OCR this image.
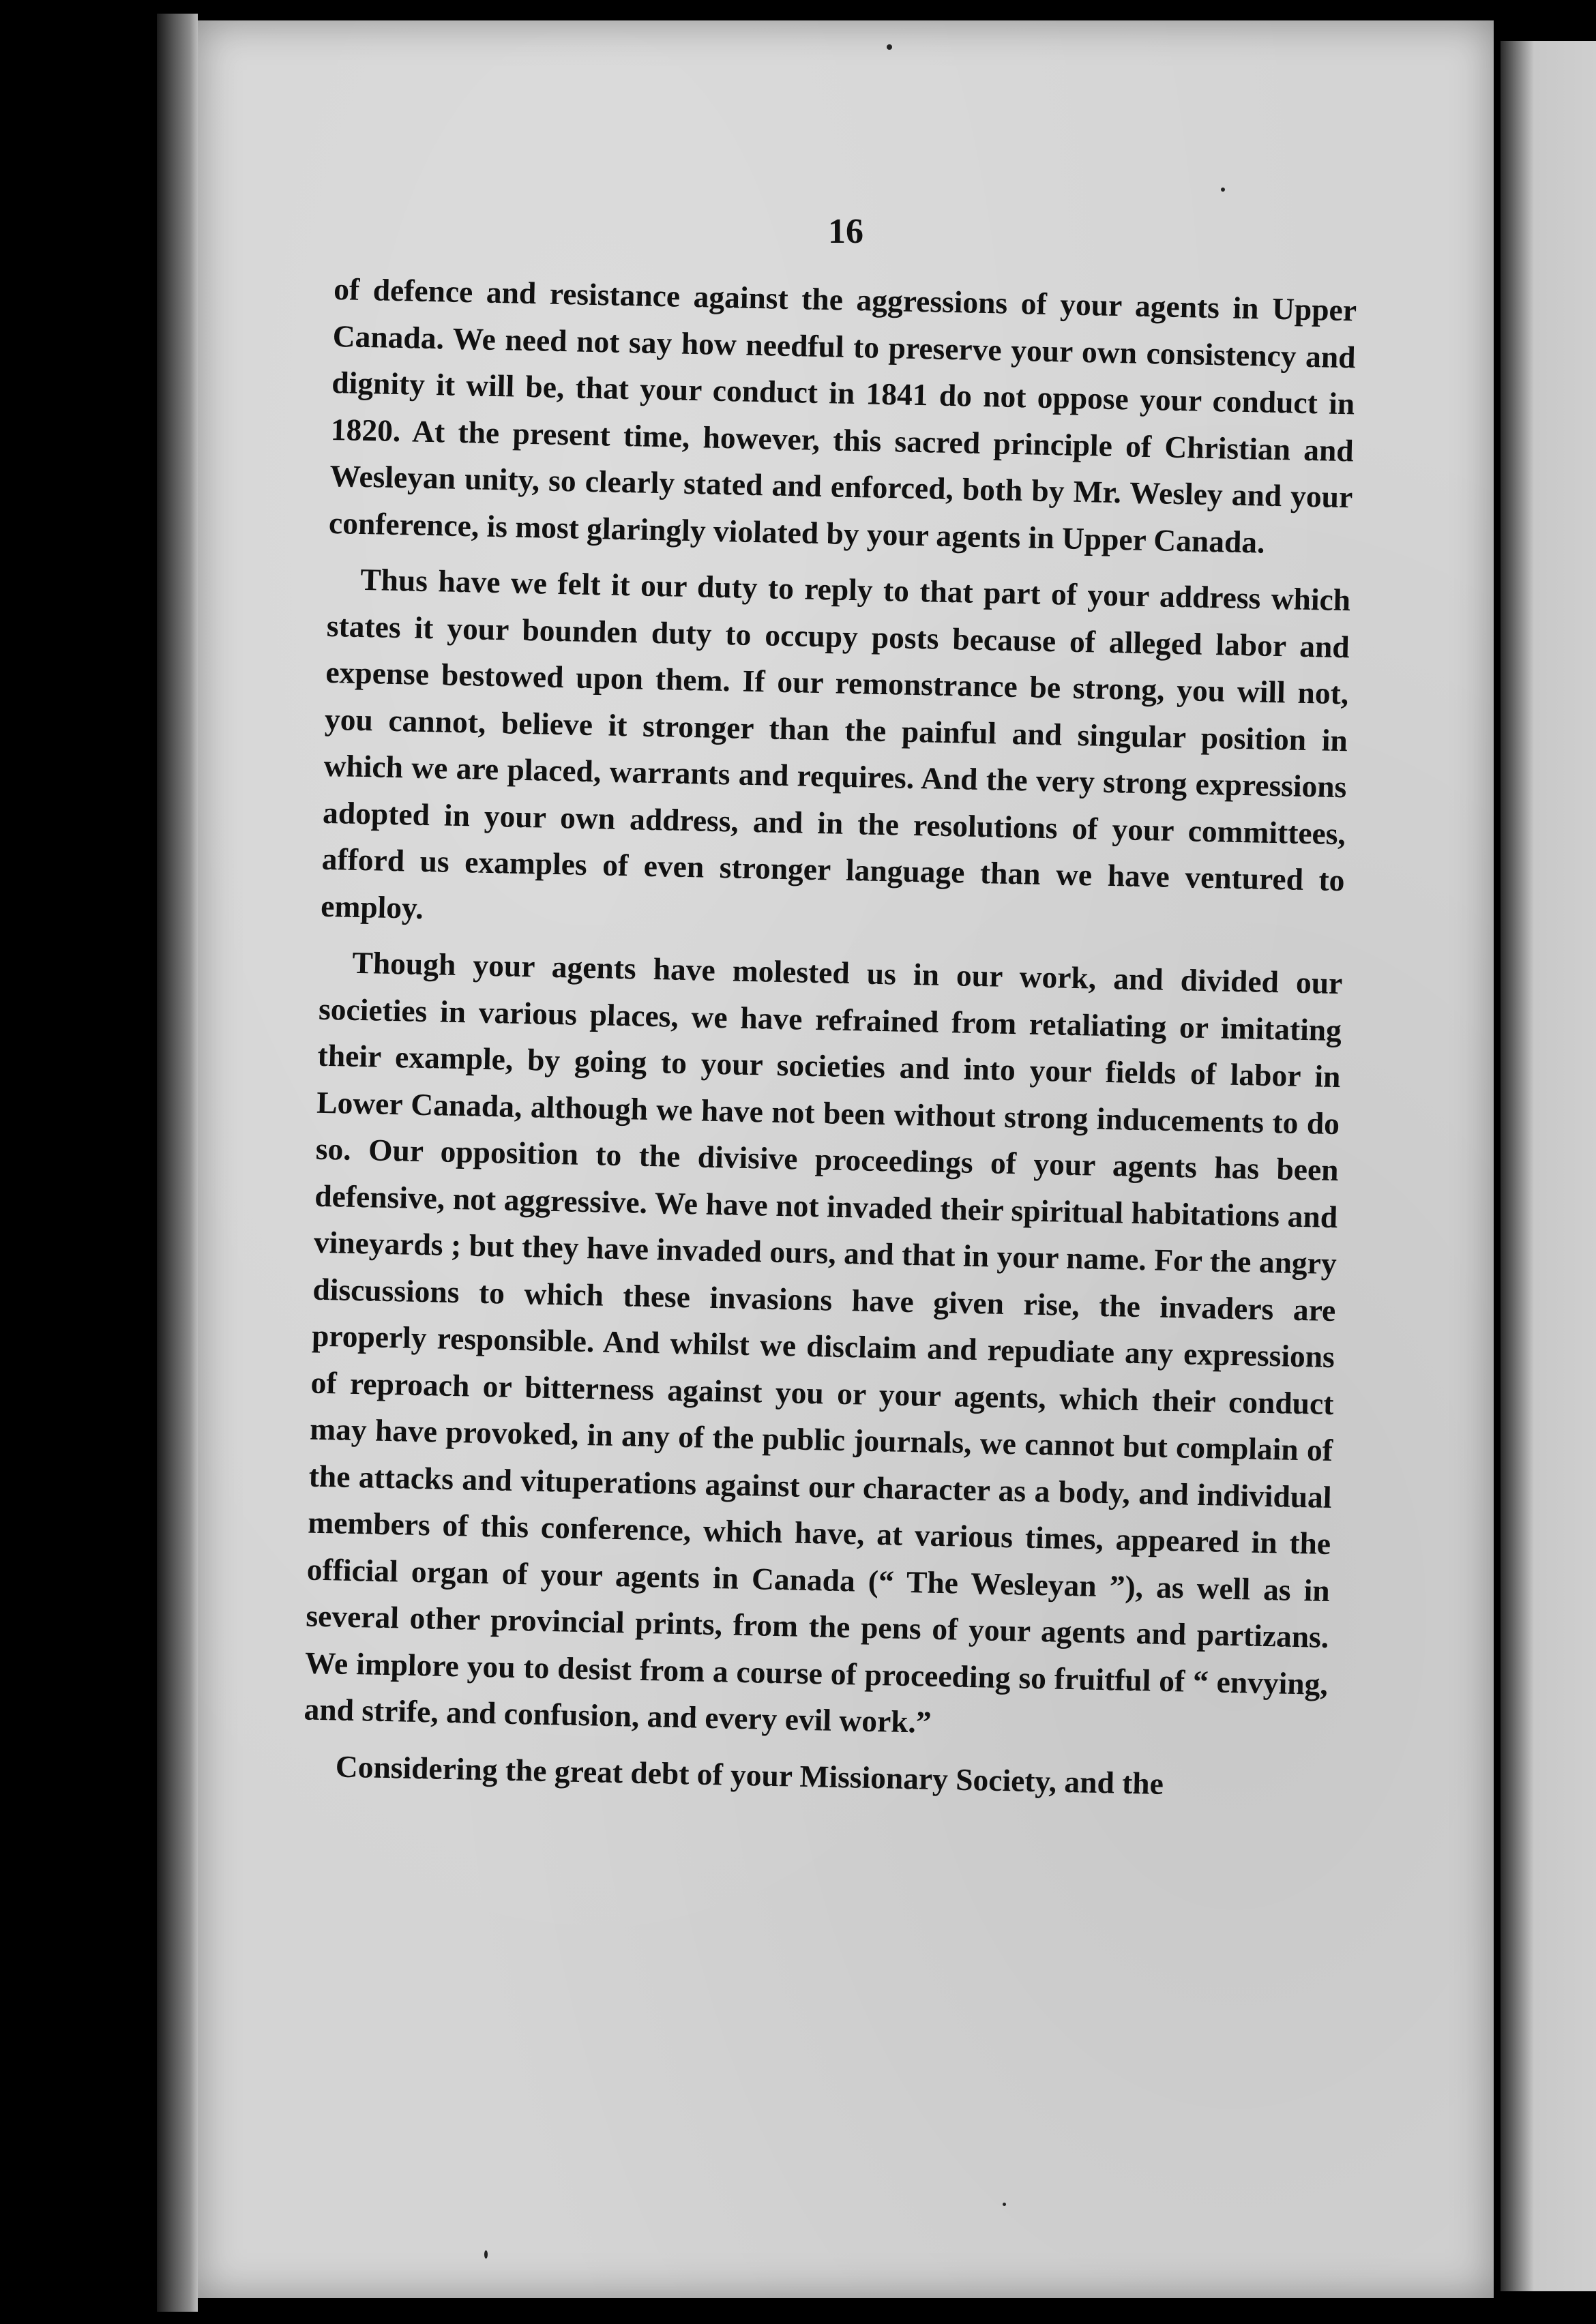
16

of defence and resistance against the aggressions of your agents in Upper Canada. We need not say how needful to preserve your own consistency and dignity it will be, that your conduct in 1841 do not oppose your conduct in 1820. At the present time, however, this sacred principle of Christian and Wesleyan unity, so clearly stated and enforced, both by Mr. Wesley and your conference, is most glaringly violated by your agents in Upper Canada.

Thus have we felt it our duty to reply to that part of your address which states it your bounden duty to occupy posts because of alleged labor and expense bestowed upon them. If our remonstrance be strong, you will not, you cannot, believe it stronger than the painful and singular position in which we are placed, warrants and requires. And the very strong expressions adopted in your own address, and in the resolutions of your committees, afford us examples of even stronger language than we have ventured to employ.

Though your agents have molested us in our work, and divided our societies in various places, we have refrained from retaliating or imitating their example, by going to your societies and into your fields of labor in Lower Canada, although we have not been without strong inducements to do so. Our opposition to the divisive proceedings of your agents has been defensive, not aggressive. We have not invaded their spiritual habitations and vineyards ; but they have invaded ours, and that in your name. For the angry discussions to which these invasions have given rise, the invaders are properly responsible. And whilst we disclaim and repudiate any expressions of reproach or bitterness against you or your agents, which their conduct may have provoked, in any of the public journals, we cannot but complain of the attacks and vituperations against our character as a body, and individual members of this conference, which have, at various times, appeared in the official organ of your agents in Canada (“ The Wesleyan ”), as well as in several other provincial prints, from the pens of your agents and partizans. We implore you to desist from a course of proceeding so fruitful of “ envying, and strife, and confusion, and every evil work.”

Considering the great debt of your Missionary Society, and the
